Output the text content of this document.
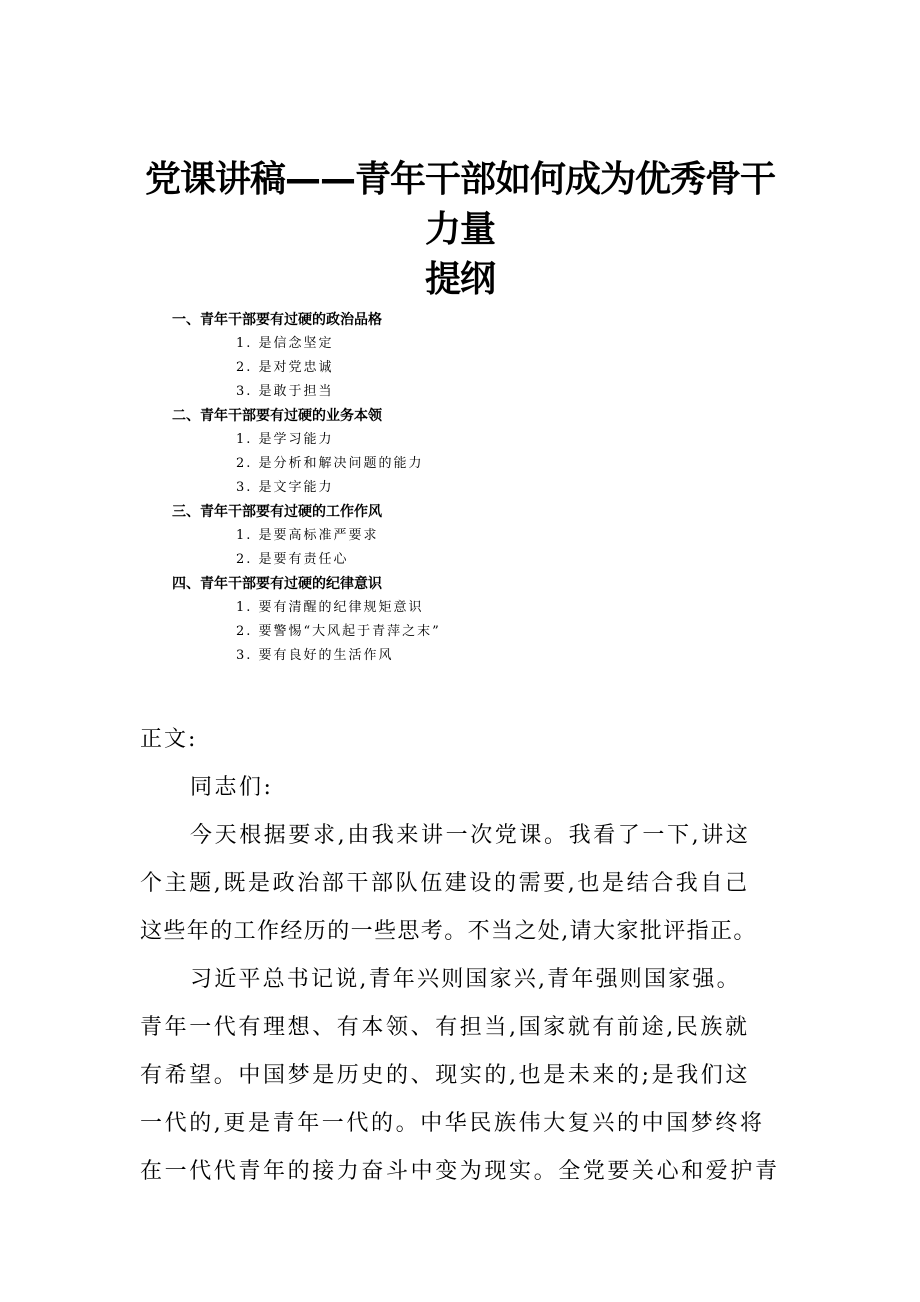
党课讲稿——青年干部如何成为优秀骨干
力量
提纲
一、青年干部要有过硬的政治品格
1. 是信念坚定
2. 是对党忠诚
3. 是敢于担当
二、青年干部要有过硬的业务本领
1. 是学习能力
2. 是分析和解决问题的能力
3. 是文字能力
三、青年干部要有过硬的工作作风
1. 是要高标准严要求
2. 是要有责任心
四、青年干部要有过硬的纪律意识
1. 要有清醒的纪律规矩意识
2. 要警惕“大风起于青萍之末”
3. 要有良好的生活作风
正文:
同志们:
今天根据要求,由我来讲一次党课。我看了一下,讲这
个主题,既是政治部干部队伍建设的需要,也是结合我自己
这些年的工作经历的一些思考。不当之处,请大家批评指正。
习近平总书记说,青年兴则国家兴,青年强则国家强。
青年一代有理想、有本领、有担当,国家就有前途,民族就
有希望。中国梦是历史的、现实的,也是未来的;是我们这
一代的,更是青年一代的。中华民族伟大复兴的中国梦终将
在一代代青年的接力奋斗中变为现实。全党要关心和爱护青
